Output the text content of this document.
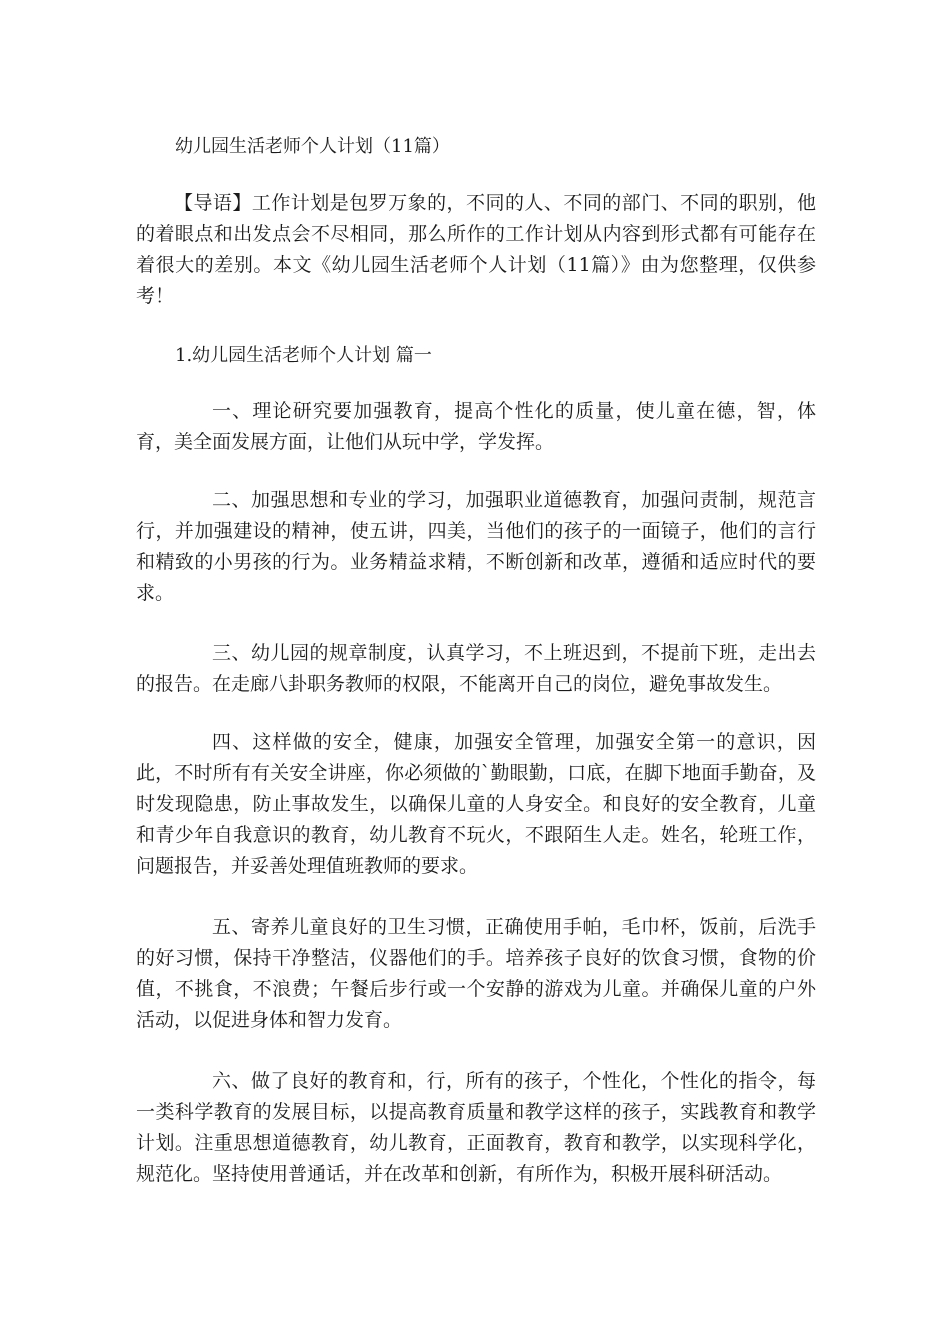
幼儿园生活老师个人计划（11篇）

【导语】工作计划是包罗万象的，不同的人、不同的部门、不同的职别，他的着眼点和出发点会不尽相同，那么所作的工作计划从内容到形式都有可能存在着很大的差别。本文《幼儿园生活老师个人计划（11篇）》由为您整理，仅供参考！

1.幼儿园生活老师个人计划 篇一

一、理论研究要加强教育，提高个性化的质量，使儿童在德，智，体育，美全面发展方面，让他们从玩中学，学发挥。

二、加强思想和专业的学习，加强职业道德教育，加强问责制，规范言行，并加强建设的精神，使五讲，四美，当他们的孩子的一面镜子，他们的言行和精致的小男孩的行为。业务精益求精，不断创新和改革，遵循和适应时代的要求。

三、幼儿园的规章制度，认真学习，不上班迟到，不提前下班，走出去的报告。在走廊八卦职务教师的权限，不能离开自己的岗位，避免事故发生。

四、这样做的安全，健康，加强安全管理，加强安全第一的意识，因此，不时所有有关安全讲座，你必须做的`勤眼勤，口底，在脚下地面手勤奋，及时发现隐患，防止事故发生，以确保儿童的人身安全。和良好的安全教育，儿童和青少年自我意识的教育，幼儿教育不玩火，不跟陌生人走。姓名，轮班工作，问题报告，并妥善处理值班教师的要求。

五、寄养儿童良好的卫生习惯，正确使用手帕，毛巾杯，饭前，后洗手的好习惯，保持干净整洁，仪器他们的手。培养孩子良好的饮食习惯，食物的价值，不挑食，不浪费；午餐后步行或一个安静的游戏为儿童。并确保儿童的户外活动，以促进身体和智力发育。

六、做了良好的教育和，行，所有的孩子，个性化，个性化的指令，每一类科学教育的发展目标，以提高教育质量和教学这样的孩子，实践教育和教学计划。注重思想道德教育，幼儿教育，正面教育，教育和教学，以实现科学化，规范化。坚持使用普通话，并在改革和创新，有所作为，积极开展科研活动。
